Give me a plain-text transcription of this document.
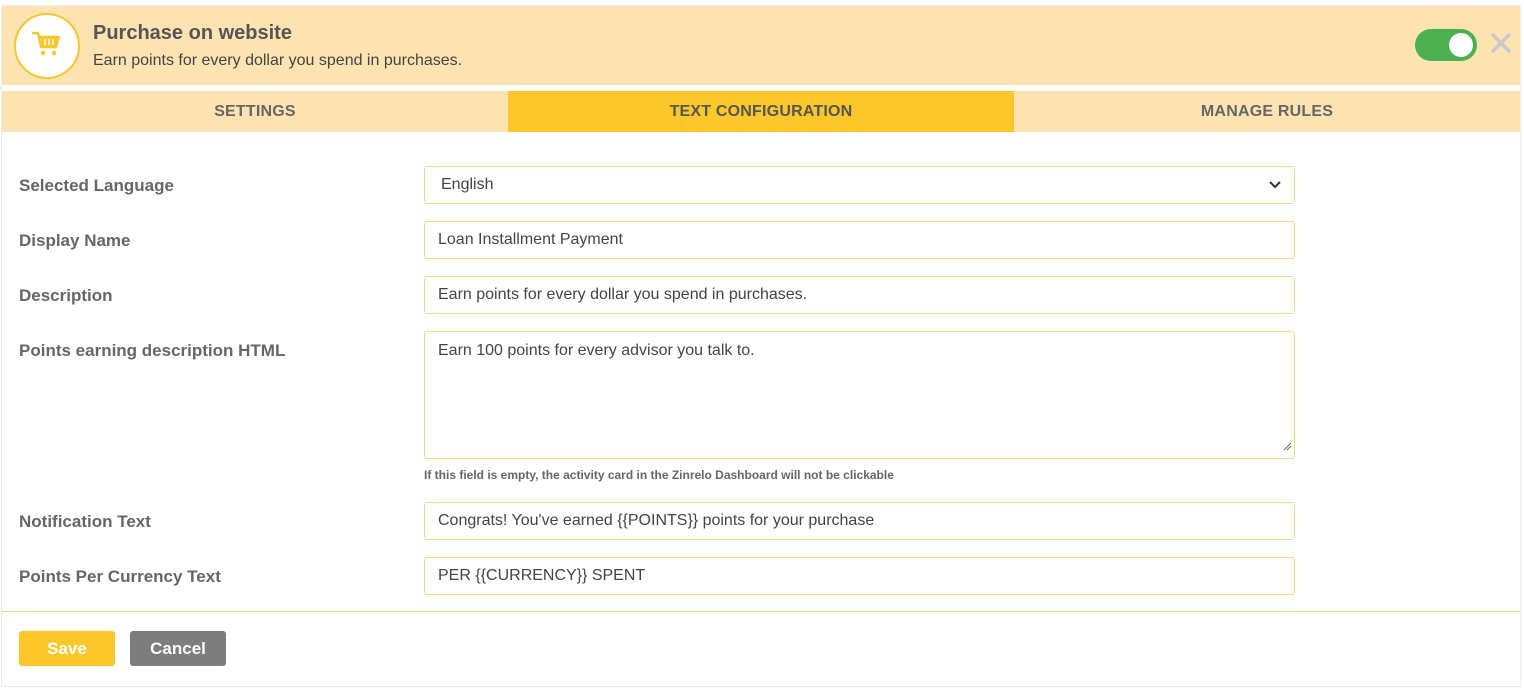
Purchase on website
Earn points for every dollar you spend in purchases.
SETTINGS	TEXT CONFIGURATION	MANAGE RULES
Selected Language	English
Display Name	Loan Installment Payment
Description	Earn points for every dollar you spend in purchases.
Points earning description HTML	Earn 100 points for every advisor you talk to.
If this field is empty, the activity card in the Zinrelo Dashboard will not be clickable
Notification Text	Congrats! You've earned {{POINTS}} points for your purchase
Points Per Currency Text	PER {{CURRENCY}} SPENT
Save	Cancel
